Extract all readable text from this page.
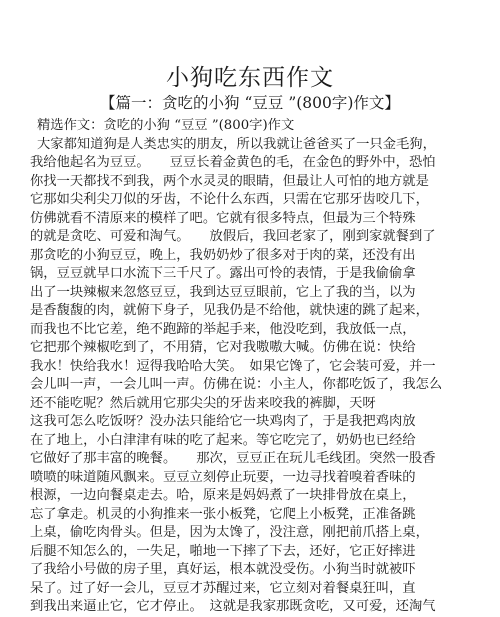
小狗吃东西作文
【篇一：贪吃的小狗 “豆豆 ”(800字)作文】
精选作文：贪吃的小狗 “豆豆 ”(800字)作文
大家都知道狗是人类忠实的朋友，所以我就让爸爸买了一只金毛狗，
我给他起名为豆豆。　　豆豆长着金黄色的毛，在金色的野外中，恐怕
你找一天都找不到我，两个水灵灵的眼睛，但最让人可怕的地方就是
它那如尖利尖刀似的牙齿，不论什么东西，只需在它那牙齿咬几下，
仿佛就看不清原来的模样了吧。它就有很多特点，但最为三个特殊
的就是贪吃、可爱和淘气。　　放假后，我回老家了，刚到家就餐到了
那贪吃的小狗豆豆，晚上，我奶奶炒了很多对于肉的菜，还没有出
锅，豆豆就早口水流下三千尺了。露出可怜的表情，于是我偷偷拿
出了一块辣椒来忽悠豆豆，我到达豆豆眼前，它上了我的当，以为
是香馥馥的肉，就俯下身子，见我仍是不给他，就快速的跳了起来，
而我也不比它差，绝不跑蹄的举起手来，他没吃到，我放低一点，
它把那个辣椒吃到了，不用猜，它对我嗷嗷大喊。仿佛在说：快给
我水！快给我水！逗得我哈哈大笑。　如果它馋了，它会装可爱，并一
会儿叫一声，一会儿叫一声。仿佛在说：小主人，你都吃饭了，我怎么
还不能吃呢？然后就用它那尖尖的牙齿来咬我的裤脚，天呀
这我可怎么吃饭呀？没办法只能给它一块鸡肉了，于是我把鸡肉放
在了地上，小白津津有味的吃了起来。等它吃完了，奶奶也已经给
它做好了那丰富的晚餐。　　那次，豆豆正在玩儿毛线团。突然一股香
喷喷的味道随风飘来。豆豆立刻停止玩要，一边寻找着嗅着香味的
根源，一边向餐桌走去。哈，原来是妈妈煮了一块排骨放在桌上，
忘了拿走。机灵的小狗推来一张小板凳，它爬上小板凳，正准备跳
上桌，偷吃肉骨头。但是，因为太馋了，没注意，刚把前爪搭上桌，
后腿不知怎么的，一失足，啪地一下摔了下去，还好，它正好摔进
了我给小号做的房子里，真好运，根本就没受伤。小狗当时就被吓
呆了。过了好一会儿，豆豆才苏醒过来，它立刻对着餐桌狂叫，直
到我出来逼止它，它才停止。　这就是我家那既贪吃，又可爱，还淘气
